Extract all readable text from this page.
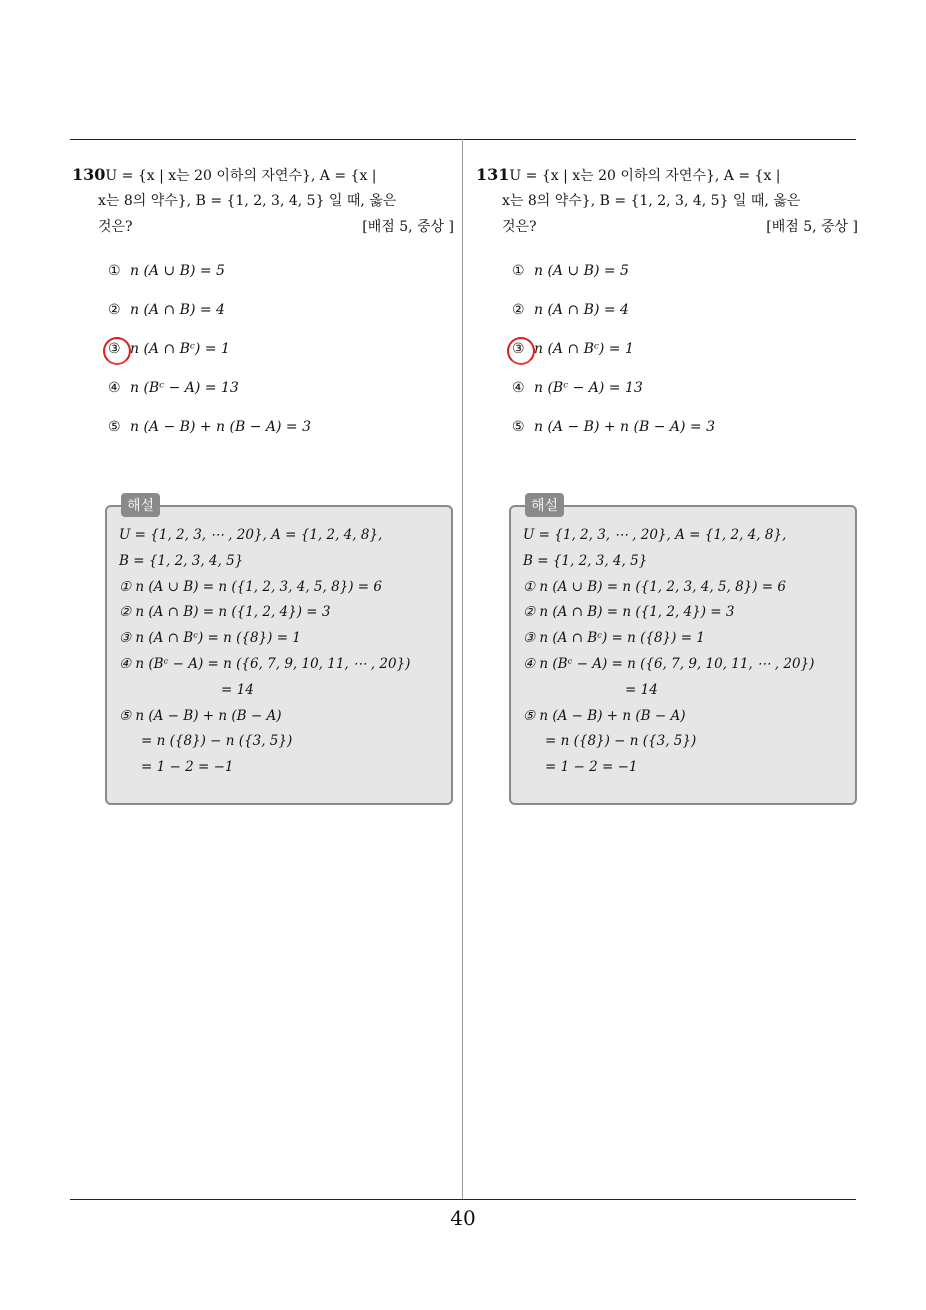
130U = {x | x는 20 이하의 자연수}, A = {x |
x는 8의 약수}, B = {1, 2, 3, 4, 5} 일 때, 옳은
것은?	[배점 5, 중상 ]
① n (A ∪ B) = 5
② n (A ∩ B) = 4
③ n (A ∩ Bᶜ) = 1
④ n (Bᶜ − A) = 13
⑤ n (A − B) + n (B − A) = 3
해설
U = {1, 2, 3, ⋯ , 20}, A = {1, 2, 4, 8},
B = {1, 2, 3, 4, 5}
① n (A ∪ B) = n ({1, 2, 3, 4, 5, 8}) = 6
② n (A ∩ B) = n ({1, 2, 4}) = 3
③ n (A ∩ Bᶜ) = n ({8}) = 1
④ n (Bᶜ − A) = n ({6, 7, 9, 10, 11, ⋯ , 20})
= 14
⑤ n (A − B) + n (B − A)
= n ({8}) − n ({3, 5})
= 1 − 2 = −1
131U = {x | x는 20 이하의 자연수}, A = {x |
x는 8의 약수}, B = {1, 2, 3, 4, 5} 일 때, 옳은
것은?	[배점 5, 중상 ]
① n (A ∪ B) = 5
② n (A ∩ B) = 4
③ n (A ∩ Bᶜ) = 1
④ n (Bᶜ − A) = 13
⑤ n (A − B) + n (B − A) = 3
해설
U = {1, 2, 3, ⋯ , 20}, A = {1, 2, 4, 8},
B = {1, 2, 3, 4, 5}
① n (A ∪ B) = n ({1, 2, 3, 4, 5, 8}) = 6
② n (A ∩ B) = n ({1, 2, 4}) = 3
③ n (A ∩ Bᶜ) = n ({8}) = 1
④ n (Bᶜ − A) = n ({6, 7, 9, 10, 11, ⋯ , 20})
= 14
⑤ n (A − B) + n (B − A)
= n ({8}) − n ({3, 5})
= 1 − 2 = −1
40
